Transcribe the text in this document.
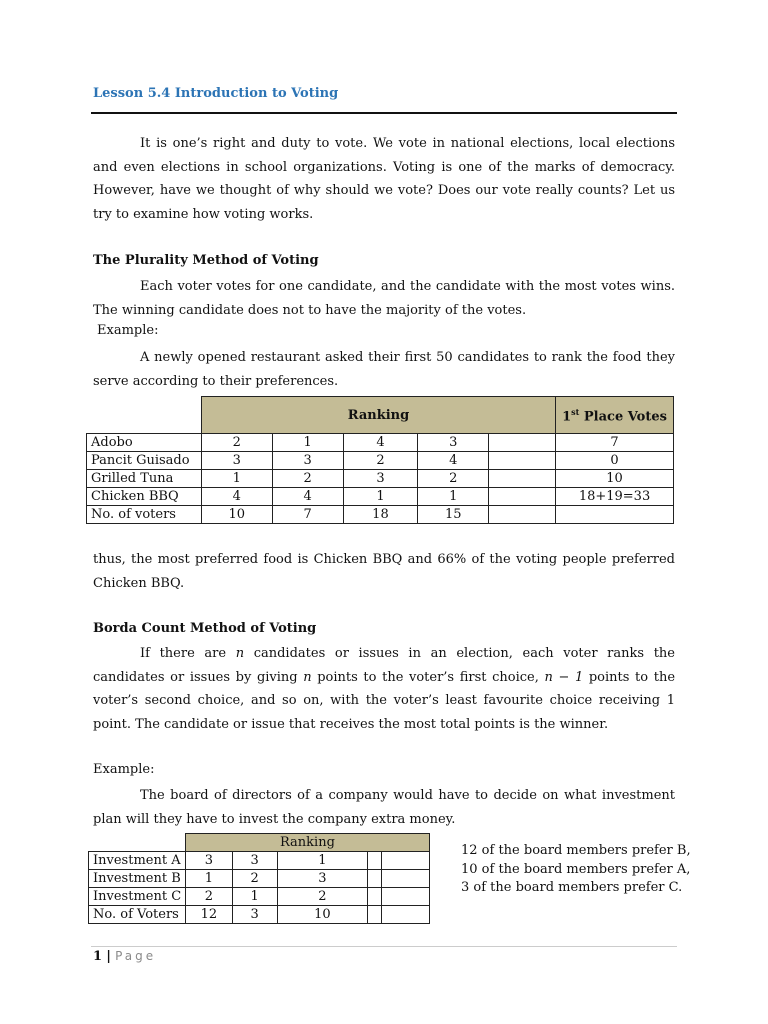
Lesson 5.4 Introduction to Voting
It is one’s right and duty to vote. We vote in national elections, local elections and even elections in school organizations. Voting is one of the marks of democracy. However, have we thought of why should we vote? Does our vote really counts? Let us try to examine how voting works.
The Plurality Method of Voting
Each voter votes for one candidate, and the candidate with the most votes wins. The winning candidate does not to have the majority of the votes.
Example:
A newly opened restaurant asked their first 50 candidates to rank the food they serve according to their preferences.
	Ranking					1st Place Votes
Adobo	2	1	4	3		7
Pancit Guisado	3	3	2	4		0
Grilled Tuna	1	2	3	2		10
Chicken BBQ	4	4	1	1		18+19=33
No. of voters	10	7	18	15		
thus, the most preferred food is Chicken BBQ and 66% of the voting people preferred Chicken BBQ.
Borda Count Method of Voting
If there are n candidates or issues in an election, each voter ranks the candidates or issues by giving n points to the voter’s first choice, n − 1 points to the voter’s second choice, and so on, with the voter’s least favourite choice receiving 1 point. The candidate or issue that receives the most total points is the winner.
Example:
The board of directors of a company would have to decide on what investment plan will they have to invest the company extra money.
	Ranking				
Investment A	3	3	1		
Investment B	1	2	3		
Investment C	2	1	2		
No. of Voters	12	3	10		
12 of the board members prefer B,
10 of the board members prefer A,
3 of the board members prefer C.
1 | Page
